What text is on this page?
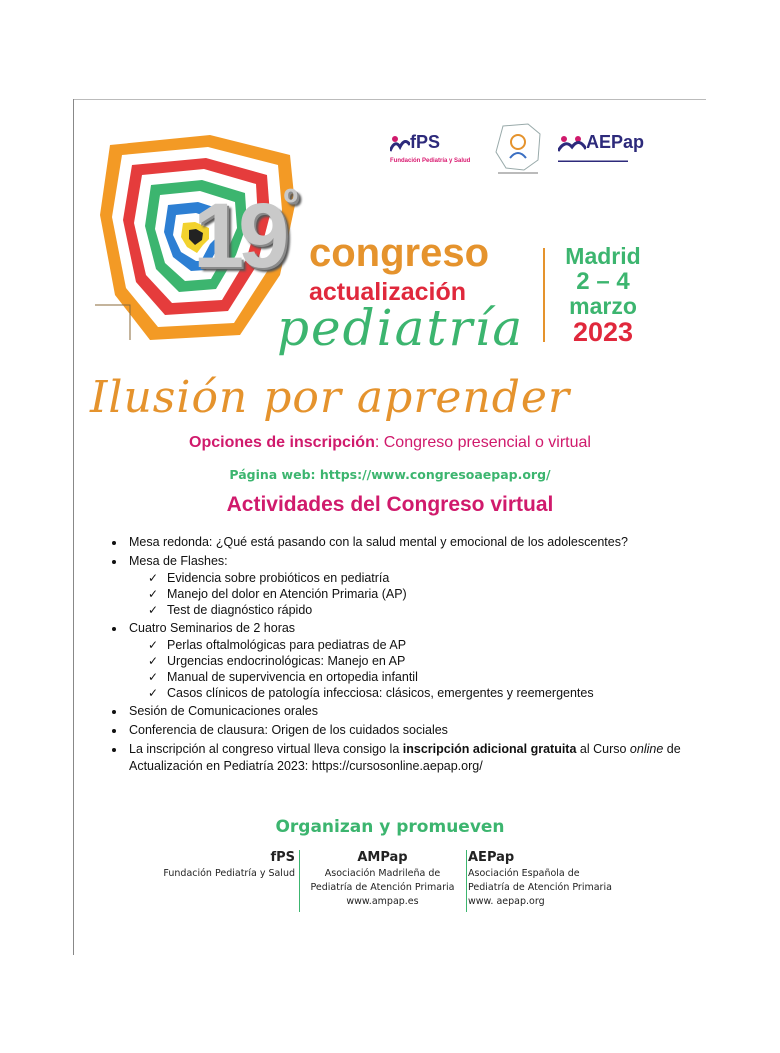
fPS
Fundación Pediatría y Salud
AEPap
▬▬▬▬▬▬▬▬▬▬▬▬▬▬
$19^º$
congreso
actualización
pediatría
Madrid
2 – 4
marzo
2023
Ilusión por aprender
Opciones de inscripción: Congreso presencial o virtual
Página web: https://www.congresoaepap.org/
Actividades del Congreso virtual
Mesa redonda: ¿Qué está pasando con la salud mental y emocional de los adolescentes?
Mesa de Flashes:
✓ Evidencia sobre probióticos en pediatría
✓ Manejo del dolor en Atención Primaria (AP)
✓ Test de diagnóstico rápido
Cuatro Seminarios de 2 horas
✓ Perlas oftalmológicas para pediatras de AP
✓ Urgencias endocrinológicas: Manejo en AP
✓ Manual de supervivencia en ortopedia infantil
✓ Casos clínicos de patología infecciosa: clásicos, emergentes y reemergentes
Sesión de Comunicaciones orales
Conferencia de clausura: Origen de los cuidados sociales
La inscripción al congreso virtual lleva consigo la inscripción adicional gratuita al Curso online de Actualización en Pediatría 2023: https://cursosonline.aepap.org/
Organizan y promueven
fPS
Fundación Pediatría y Salud
AMPap
Asociación Madrileña de
Pediatría de Atención Primaria
www.ampap.es
AEPap
Asociación Española de
Pediatría de Atención Primaria
www. aepap.org
